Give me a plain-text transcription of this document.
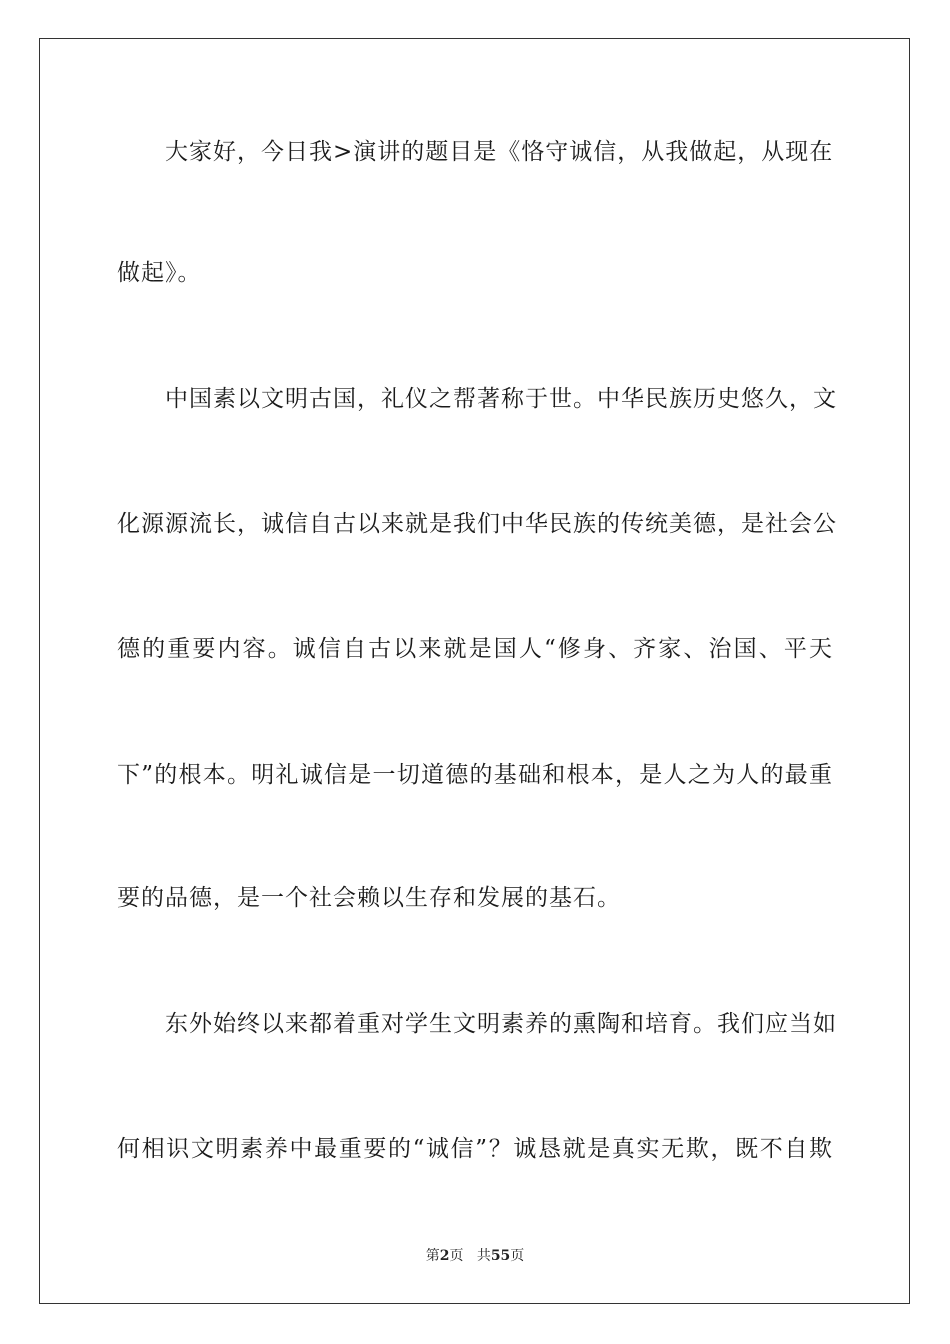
大家好，今日我>演讲的题目是《恪守诚信，从我做起，从现在
做起》。
中国素以文明古国，礼仪之帮著称于世。中华民族历史悠久，文
化源源流长，诚信自古以来就是我们中华民族的传统美德，是社会公
德的重要内容。诚信自古以来就是国人“修身、齐家、治国、平天
下”的根本。明礼诚信是一切道德的基础和根本，是人之为人的最重
要的品德，是一个社会赖以生存和发展的基石。
东外始终以来都着重对学生文明素养的熏陶和培育。我们应当如
何相识文明素养中最重要的“诚信”？诚恳就是真实无欺，既不自欺
第2页 共55页
